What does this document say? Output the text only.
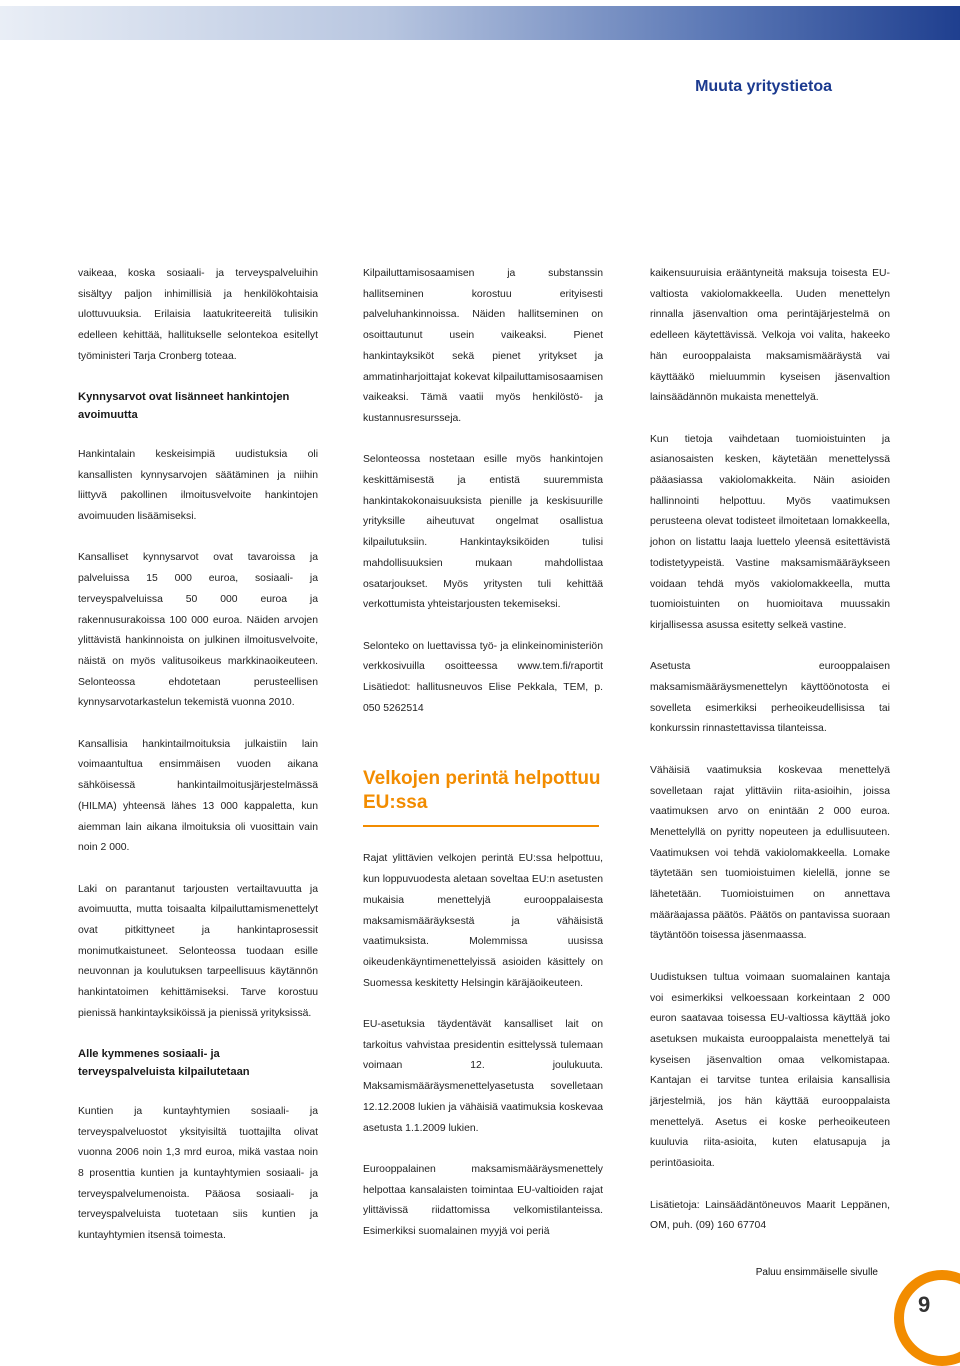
Muuta yritystietoa

vaikeaa, koska sosiaali- ja terveyspalveluihin sisältyy paljon inhimillisiä ja henkilökohtaisia ulottuvuuksia. Erilaisia laatukriteereitä tulisikin edelleen kehittää, hallitukselle selontekoa esitellyt työministeri Tarja Cronberg toteaa.

Kynnysarvot ovat lisänneet hankintojen avoimuutta

Hankintalain keskeisimpiä uudistuksia oli kansallisten kynnysarvojen säätäminen ja niihin liittyvä pakollinen ilmoitusvelvoite hankintojen avoimuuden lisäämiseksi.

Kansalliset kynnysarvot ovat tavaroissa ja palveluissa 15 000 euroa, sosiaali- ja terveyspalveluissa 50 000 euroa ja rakennusurakoissa 100 000 euroa. Näiden arvojen ylittävistä hankinnoista on julkinen ilmoitusvelvoite, näistä on myös valitusoikeus markkinaoikeuteen. Selonteossa ehdotetaan perusteellisen kynnysarvotarkastelun tekemistä vuonna 2010.

Kansallisia hankintailmoituksia julkaistiin lain voimaantultua ensimmäisen vuoden aikana sähköisessä hankintailmoitusjärjestelmässä (HILMA) yhteensä lähes 13 000 kappaletta, kun aiemman lain aikana ilmoituksia oli vuosittain vain noin 2 000.

Laki on parantanut tarjousten vertailtavuutta ja avoimuutta, mutta toisaalta kilpailuttamismenettelyt ovat pitkittyneet ja hankintaprosessit monimutkaistuneet. Selonteossa tuodaan esille neuvonnan ja koulutuksen tarpeellisuus käytännön hankintatoimen kehittämiseksi. Tarve korostuu pienissä hankintayksiköissä ja pienissä yrityksissä.

Alle kymmenes sosiaali- ja terveyspalveluista kilpailutetaan

Kuntien ja kuntayhtymien sosiaali- ja terveyspalveluostot yksityisiltä tuottajilta olivat vuonna 2006 noin 1,3 mrd euroa, mikä vastaa noin 8 prosenttia kuntien ja kuntayhtymien sosiaali- ja terveyspalvelumenoista. Pääosa sosiaali- ja terveyspalveluista tuotetaan siis kuntien ja kuntayhtymien itsensä toimesta.

Kilpailuttamisosaamisen ja substanssin hallitseminen korostuu erityisesti palveluhankinnoissa. Näiden hallitseminen on osoittautunut usein vaikeaksi. Pienet hankintayksiköt sekä pienet yritykset ja ammatinharjoittajat kokevat kilpailuttamisosaamisen vaikeaksi. Tämä vaatii myös henkilöstö- ja kustannusresursseja.

Selonteossa nostetaan esille myös hankintojen keskittämisestä ja entistä suuremmista hankintakokonaisuuksista pienille ja keskisuurille yrityksille aiheutuvat ongelmat osallistua kilpailutuksiin. Hankintayksiköiden tulisi mahdollisuuksien mukaan mahdollistaa osatarjoukset. Myös yritysten tuli kehittää verkottumista yhteistarjousten tekemiseksi.

Selonteko on luettavissa työ- ja elinkeinoministeriön verkkosivuilla osoitteessa www.tem.fi/raportit Lisätiedot: hallitusneuvos Elise Pekkala, TEM, p. 050 5262514

Velkojen perintä helpottuu EU:ssa

Rajat ylittävien velkojen perintä EU:ssa helpottuu, kun loppuvuodesta aletaan soveltaa EU:n asetusten mukaisia menettelyjä eurooppalaisesta maksamismääräyksestä ja vähäisistä vaatimuksista. Molemmissa uusissa oikeudenkäyntimenettelyissä asioiden käsittely on Suomessa keskitetty Helsingin käräjäoikeuteen.

EU-asetuksia täydentävät kansalliset lait on tarkoitus vahvistaa presidentin esittelyssä tulemaan voimaan 12. joulukuuta. Maksamismääräysmenettelyasetusta sovelletaan 12.12.2008 lukien ja vähäisiä vaatimuksia koskevaa asetusta 1.1.2009 lukien.

Eurooppalainen maksamismääräysmenettely helpottaa kansalaisten toimintaa EU-valtioiden rajat ylittävissä riidattomissa velkomistilanteissa. Esimerkiksi suomalainen myyjä voi periä

kaikensuuruisia erääntyneitä maksuja toisesta EU-valtiosta vakiolomakkeella. Uuden menettelyn rinnalla jäsenvaltion oma perintäjärjestelmä on edelleen käytettävissä. Velkoja voi valita, hakeeko hän eurooppalaista maksamismääräystä vai käyttääkö mieluummin kyseisen jäsenvaltion lainsäädännön mukaista menettelyä.

Kun tietoja vaihdetaan tuomioistuinten ja asianosaisten kesken, käytetään menettelyssä pääasiassa vakiolomakkeita. Näin asioiden hallinnointi helpottuu. Myös vaatimuksen perusteena olevat todisteet ilmoitetaan lomakkeella, johon on listattu laaja luettelo yleensä esitettävistä todistetyypeistä. Vastine maksamismääräykseen voidaan tehdä myös vakiolomakkeella, mutta tuomioistuinten on huomioitava muussakin kirjallisessa asussa esitetty selkeä vastine.

Asetusta eurooppalaisen maksamismääräysmenettelyn käyttöönotosta ei sovelleta esimerkiksi perheoikeudellisissa tai konkurssin rinnastettavissa tilanteissa.

Vähäisiä vaatimuksia koskevaa menettelyä sovelletaan rajat ylittäviin riita-asioihin, joissa vaatimuksen arvo on enintään 2 000 euroa. Menettelyllä on pyritty nopeuteen ja edullisuuteen. Vaatimuksen voi tehdä vakiolomakkeella. Lomake täytetään sen tuomioistuimen kielellä, jonne se lähetetään. Tuomioistuimen on annettava määräajassa päätös. Päätös on pantavissa suoraan täytäntöön toisessa jäsenmaassa.

Uudistuksen tultua voimaan suomalainen kantaja voi esimerkiksi velkoessaan korkeintaan 2 000 euron saatavaa toisessa EU-valtiossa käyttää joko asetuksen mukaista eurooppalaista menettelyä tai kyseisen jäsenvaltion omaa velkomistapaa. Kantajan ei tarvitse tuntea erilaisia kansallisia järjestelmiä, jos hän käyttää eurooppalaista menettelyä. Asetus ei koske perheoikeuteen kuuluvia riita-asioita, kuten elatusapuja ja perintöasioita.

Lisätietoja: Lainsäädäntöneuvos Maarit Leppänen, OM, puh. (09) 160 67704

Paluu ensimmäiselle sivulle
9
